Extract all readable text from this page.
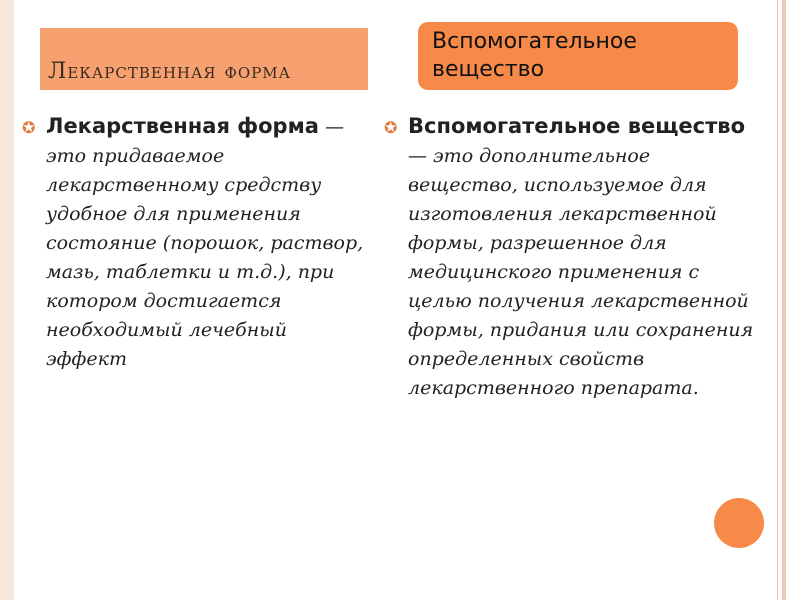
Лекарственная форма
Вспомогательное
вещество
✪ Лекарственная форма — это придаваемое лекарственному средству удобное для применения состояние (порошок, раствор, мазь, таблетки и т.д.), при котором достигается необходимый лечебный эффект
✪ Вспомогательное вещество — это дополнительное вещество, используемое для изготовления лекарственной формы, разрешенное для медицинского применения с целью получения лекарственной формы, придания или сохранения определенных свойств лекарственного препарата.
